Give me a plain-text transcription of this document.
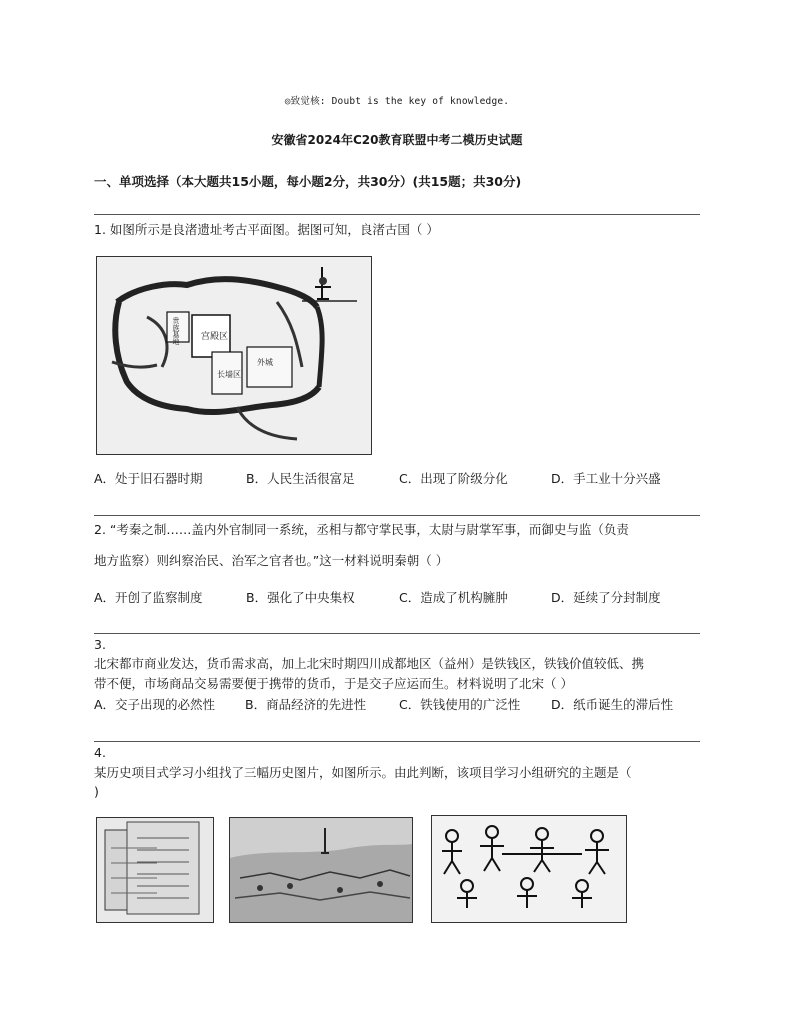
◎致觉核: Doubt is the key of knowledge.
安徽省2024年C20教育联盟中考二模历史试题
一、单项选择（本大题共15小题，每小题2分，共30分）(共15题；共30分)
1. 如图所示是良渚遗址考古平面图。据图可知，良渚古国（ ）
宫殿区
长墙区
贵族墓地
外城
A．处于旧石器时期	B．人民生活很富足	C．出现了阶级分化	D．手工业十分兴盛
2. “考秦之制……盖内外官制同一系统，丞相与都守掌民事，太尉与尉掌军事，而御史与监（负责
地方监察）则纠察治民、治军之官者也。”这一材料说明秦朝（ ）
A．开创了监察制度	B．强化了中央集权	C．造成了机构臃肿	D．延续了分封制度
3.
北宋都市商业发达，货币需求高，加上北宋时期四川成都地区（益州）是铁钱区，铁钱价值较低、携
带不便，市场商品交易需要便于携带的货币，于是交子应运而生。材料说明了北宋（ ）
A．交子出现的必然性 B．商品经济的先进性	C．铁钱使用的广泛性 D．纸币诞生的滞后性
4.
某历史项目式学习小组找了三幅历史图片，如图所示。由此判断，该项目学习小组研究的主题是（
)
